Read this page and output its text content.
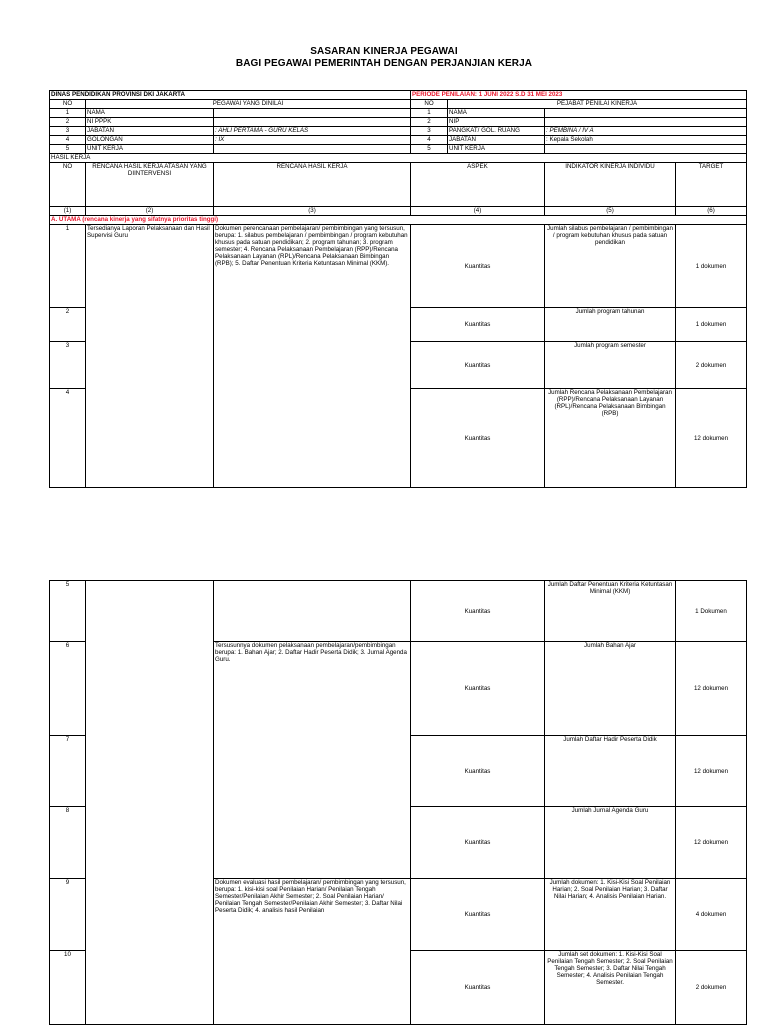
SASARAN KINERJA PEGAWAI
BAGI PEGAWAI PEMERINTAH DENGAN PERJANJIAN KERJA
DINAS PENDIDIKAN PROVINSI DKI JAKARTA			PERIODE PENILAIAN: 1 JUNI 2022 S.D 31 MEI 2023			
NO	PEGAWAI YANG DINILAI		NO	PEJABAT PENILAI KINERJA		
1	NAMA		1	NAMA		
2	NI PPPK		2	NIP		
3	JABATAN	: AHLI PERTAMA - GURU KELAS	3	PANGKAT/ GOL. RUANG	: PEMBINA / IV A	
4	GOLONGAN	: IX	4	JABATAN	: Kepala Sekolah	
5	UNIT KERJA		5	UNIT KERJA		
HASIL KERJA						
NO	RENCANA HASIL KERJA ATASAN YANG DIINTERVENSI	RENCANA HASIL KERJA	ASPEK		INDIKATOR KINERJA INDIVIDU	TARGET
(1)	(2)	(3)	(4)		(5)	(6)
A. UTAMA (rencana kinerja yang sifatnya prioritas tinggi)						
1	Tersedianya Laporan Pelaksanaan dan Hasil Supervisi Guru	Dokumen perencanaan pembelajaran/ pembimbingan yang tersusun, berupa: 1. silabus pembelajaran / pembimbingan / program kebutuhan khusus pada satuan pendidikan; 2. program tahunan; 3. program semester; 4. Rencana Pelaksanaan Pembelajaran (RPP)/Rencana Pelaksanaan Layanan (RPL)/Rencana Pelaksanaan Bimbingan (RPB); 5. Daftar Penentuan Kriteria Ketuntasan Minimal (KKM).	Kuantitas		Jumlah silabus pembelajaran / pembimbingan / program kebutuhan khusus pada satuan pendidikan	1 dokumen
2			Kuantitas		Jumlah program tahunan	1 dokumen
3			Kuantitas		Jumlah program semester	2 dokumen
4			Kuantitas		Jumlah Rencana Pelaksanaan Pembelajaran (RPP)/Rencana Pelaksanaan Layanan (RPL)/Rencana Pelaksanaan Bimbingan (RPB)	12 dokumen
5			Kuantitas	Jumlah Daftar Penentuan Kriteria Ketuntasan Minimal (KKM)	1 Dokumen
6		Tersusunnya dokumen pelaksanaan pembelajaran/pembimbingan berupa: 1. Bahan Ajar; 2. Daftar Hadir Peserta Didik; 3. Jurnal Agenda Guru.	Kuantitas	Jumlah Bahan Ajar	12 dokumen
7			Kuantitas	Jumlah Daftar Hadir Peserta Didik	12 dokumen
8			Kuantitas	Jumlah Jurnal Agenda Guru	12 dokumen
9		Dokumen evaluasi hasil pembelajaran/ pembimbingan yang tersusun, berupa: 1. kisi-kisi soal Penilaian Harian/ Penilaian Tengah Semester/Penilaian Akhir Semester; 2. Soal Penilaian Harian/ Penilaian Tengah Semester/Penilaian Akhir Semester; 3. Daftar Nilai Peserta Didik; 4. analisis hasil Penilaian	Kuantitas	Jumlah dokumen: 1. Kisi-Kisi Soal Penilaian Harian; 2. Soal Penilaian Harian; 3. Daftar Nilai Harian; 4. Analisis Penilaian Harian.	4 dokumen
10			Kuantitas	Jumlah set dokumen: 1. Kisi-Kisi Soal Penilaian Tengah Semester; 2. Soal Penilaian Tengah Semester; 3. Daftar Nilai Tengah Semester; 4. Analisis Penilaian Tengah Semester.	2 dokumen
